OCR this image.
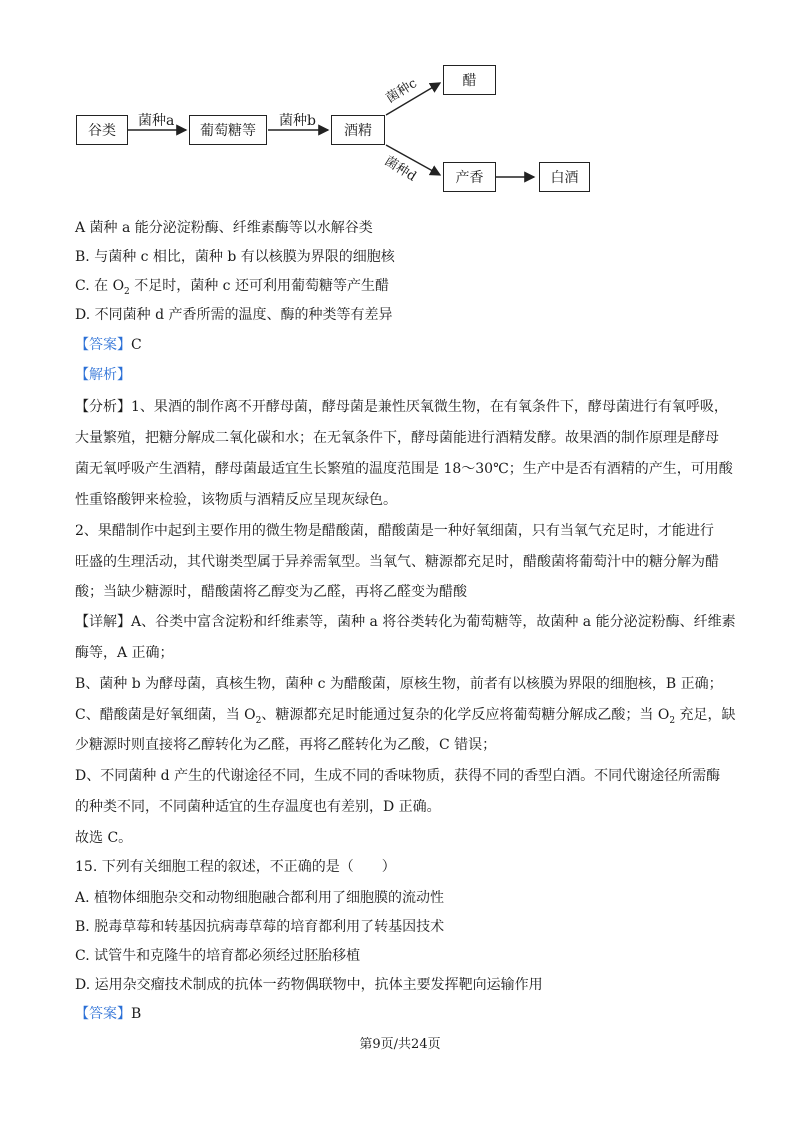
谷类	葡萄糖等	酒精
醋
产香	白酒
菌种a	菌种b
菌种c
菌种d
A 菌种 a 能分泌淀粉酶、纤维素酶等以水解谷类
B. 与菌种 c 相比，菌种 b 有以核膜为界限的细胞核
C. 在 $O_2$ 不足时，菌种 c 还可利用葡萄糖等产生醋
D. 不同菌种 d 产香所需的温度、酶的种类等有差异
【答案】C
【解析】
【分析】1、果酒的制作离不开酵母菌，酵母菌是兼性厌氧微生物，在有氧条件下，酵母菌进行有氧呼吸，
大量繁殖，把糖分解成二氧化碳和水；在无氧条件下，酵母菌能进行酒精发酵。故果酒的制作原理是酵母
菌无氧呼吸产生酒精，酵母菌最适宜生长繁殖的温度范围是 18～30℃；生产中是否有酒精的产生，可用酸
性重铬酸钾来检验，该物质与酒精反应呈现灰绿色。
2、果醋制作中起到主要作用的微生物是醋酸菌，醋酸菌是一种好氧细菌，只有当氧气充足时，才能进行
旺盛的生理活动，其代谢类型属于异养需氧型。当氧气、糖源都充足时，醋酸菌将葡萄汁中的糖分解为醋
酸；当缺少糖源时，醋酸菌将乙醇变为乙醛，再将乙醛变为醋酸
【详解】A、谷类中富含淀粉和纤维素等，菌种 a 将谷类转化为葡萄糖等，故菌种 a 能分泌淀粉酶、纤维素
酶等，A 正确；
B、菌种 b 为酵母菌，真核生物，菌种 c 为醋酸菌，原核生物，前者有以核膜为界限的细胞核，B 正确；
C、醋酸菌是好氧细菌，当 $O_2$、糖源都充足时能通过复杂的化学反应将葡萄糖分解成乙酸；当 $O_2$ 充足，缺
少糖源时则直接将乙醇转化为乙醛，再将乙醛转化为乙酸，C 错误；
D、不同菌种 d 产生的代谢途径不同，生成不同的香味物质，获得不同的香型白酒。不同代谢途径所需酶
的种类不同，不同菌种适宜的生存温度也有差别，D 正确。
故选 C。
15. 下列有关细胞工程的叙述，不正确的是（　　）
A. 植物体细胞杂交和动物细胞融合都利用了细胞膜的流动性
B. 脱毒草莓和转基因抗病毒草莓的培育都利用了转基因技术
C. 试管牛和克隆牛的培育都必须经过胚胎移植
D. 运用杂交瘤技术制成的抗体一药物偶联物中，抗体主要发挥靶向运输作用
【答案】B
第9页/共24页
